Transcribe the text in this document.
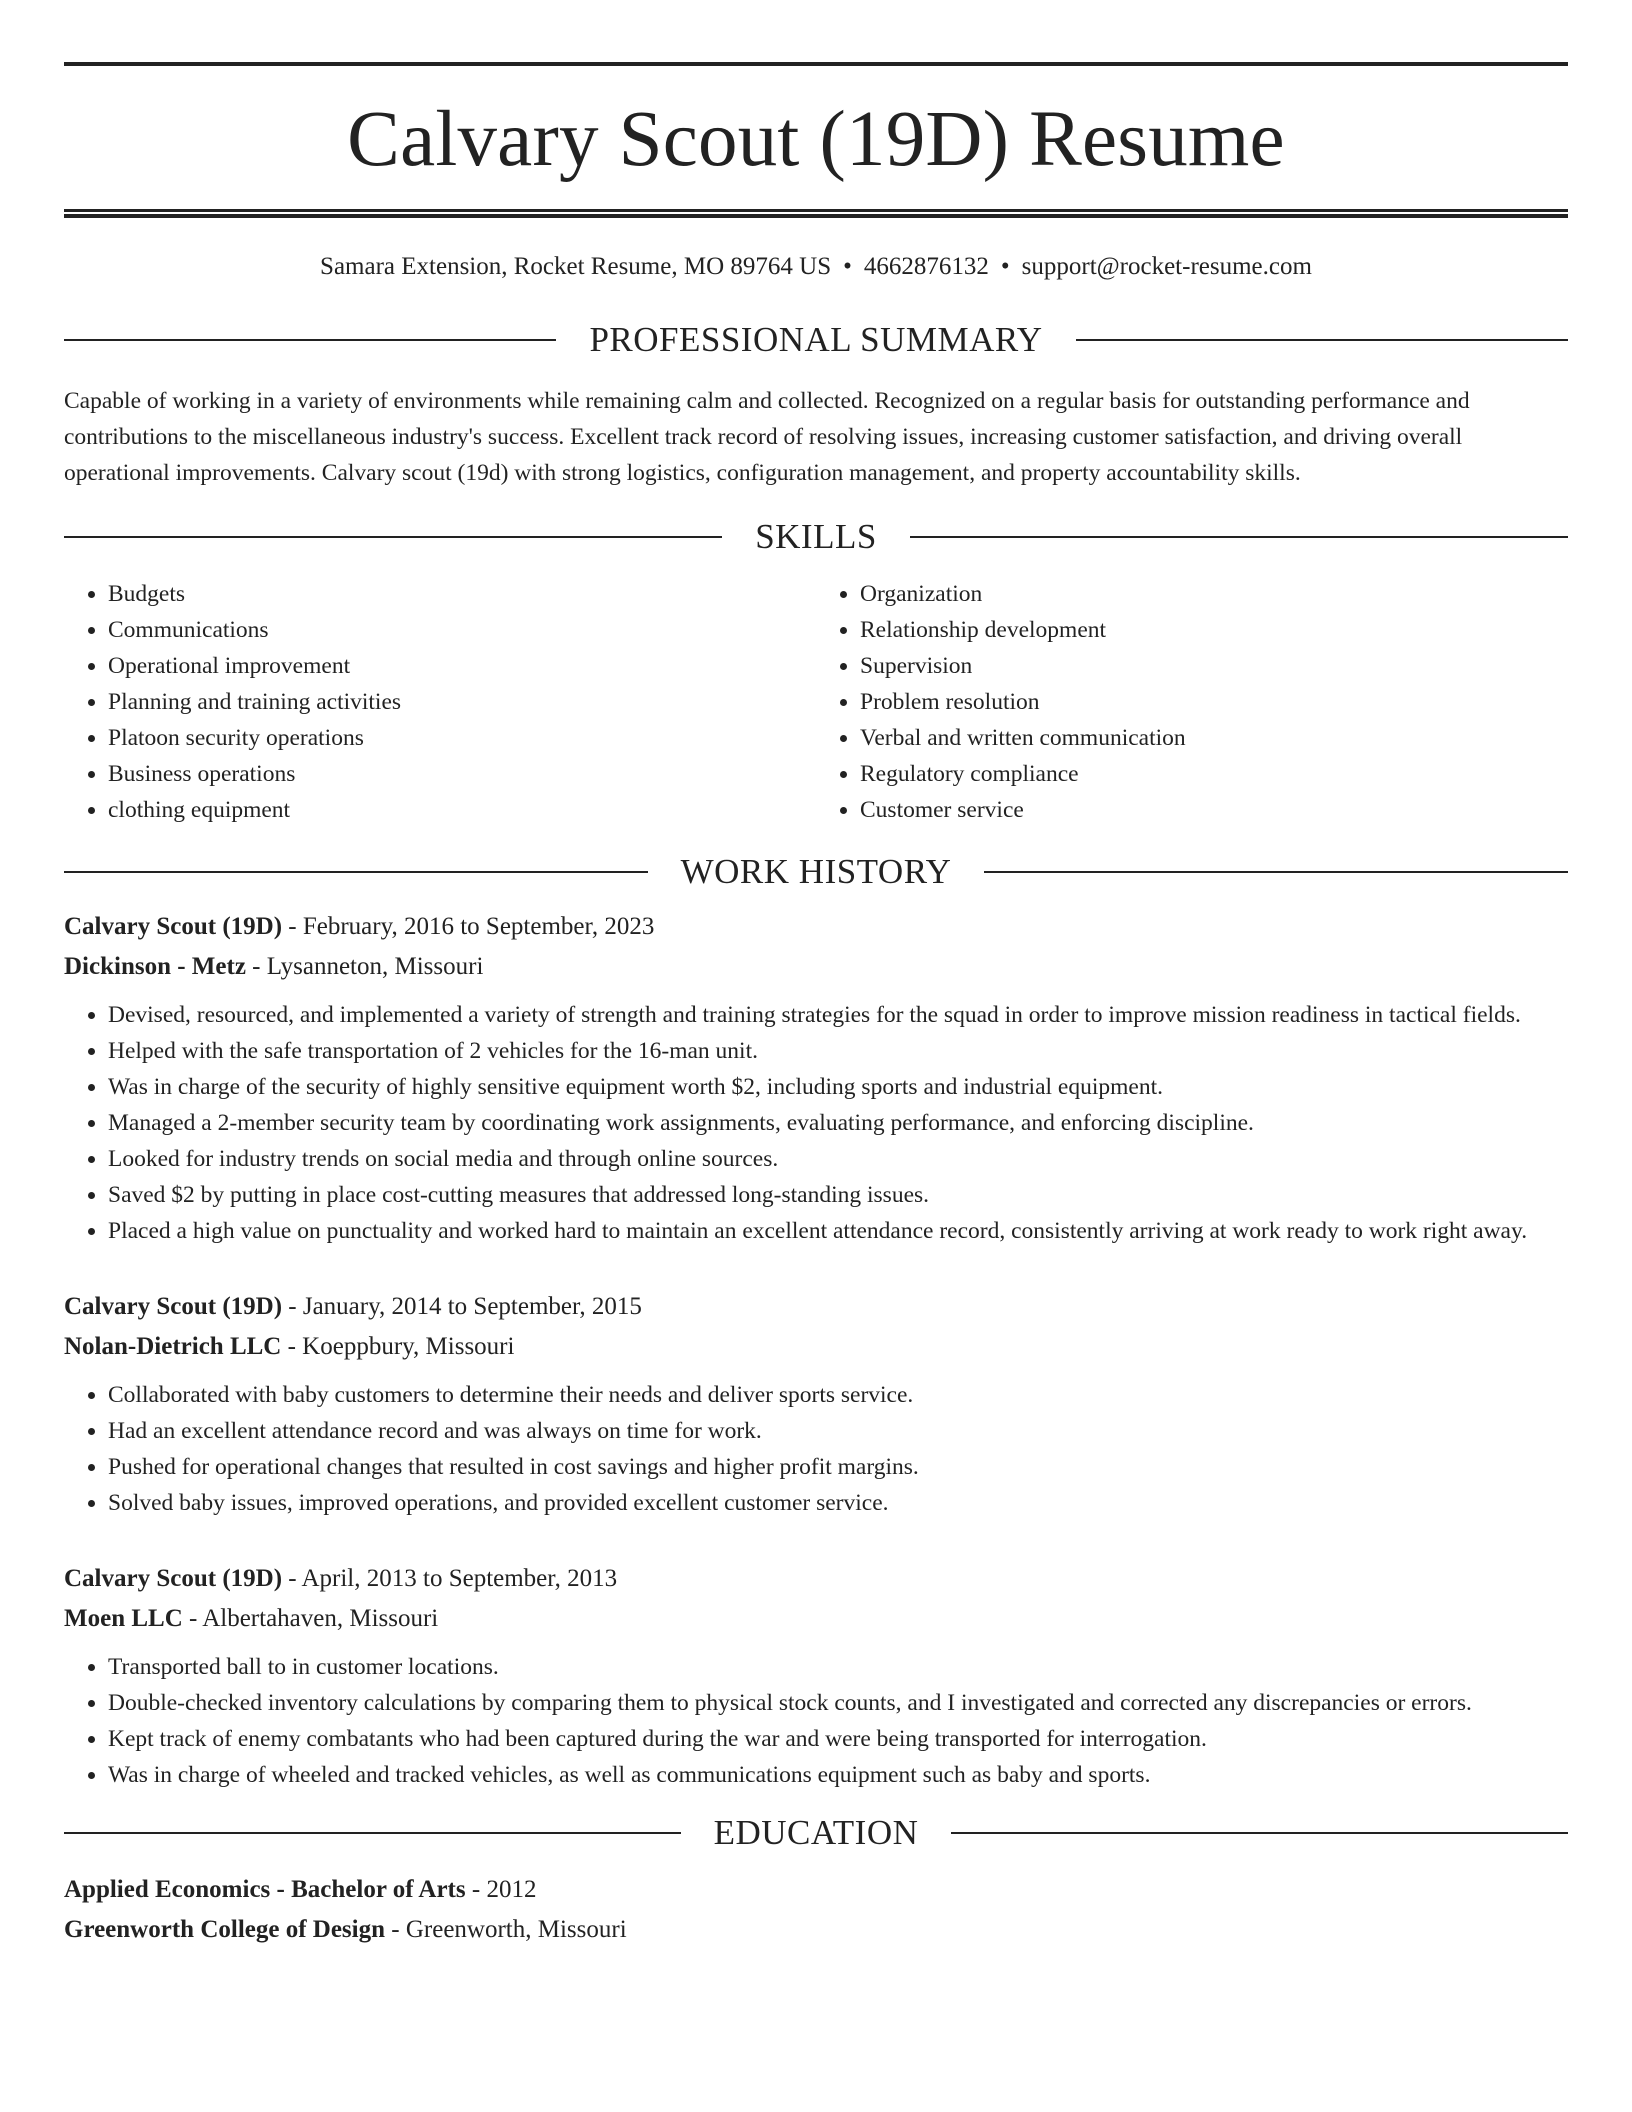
Calvary Scout (19D) Resume
Samara Extension, Rocket Resume, MO 89764 US • 4662876132 • support@rocket-resume.com
PROFESSIONAL SUMMARY

Capable of working in a variety of environments while remaining calm and collected. Recognized on a regular basis for outstanding performance and contributions to the miscellaneous industry's success. Excellent track record of resolving issues, increasing customer satisfaction, and driving overall operational improvements. Calvary scout (19d) with strong logistics, configuration management, and property accountability skills.

SKILLS
• Budgets
• Communications
• Operational improvement
• Planning and training activities
• Platoon security operations
• Business operations
• clothing equipment
• Organization
• Relationship development
• Supervision
• Problem resolution
• Verbal and written communication
• Regulatory compliance
• Customer service
WORK HISTORY
Calvary Scout (19D) - February, 2016 to September, 2023
Dickinson - Metz - Lysanneton, Missouri
• Devised, resourced, and implemented a variety of strength and training strategies for the squad in order to improve mission readiness in tactical fields.
• Helped with the safe transportation of 2 vehicles for the 16-man unit.
• Was in charge of the security of highly sensitive equipment worth $2, including sports and industrial equipment.
• Managed a 2-member security team by coordinating work assignments, evaluating performance, and enforcing discipline.
• Looked for industry trends on social media and through online sources.
• Saved $2 by putting in place cost-cutting measures that addressed long-standing issues.
• Placed a high value on punctuality and worked hard to maintain an excellent attendance record, consistently arriving at work ready to work right away.
Calvary Scout (19D) - January, 2014 to September, 2015
Nolan-Dietrich LLC - Koeppbury, Missouri
• Collaborated with baby customers to determine their needs and deliver sports service.
• Had an excellent attendance record and was always on time for work.
• Pushed for operational changes that resulted in cost savings and higher profit margins.
• Solved baby issues, improved operations, and provided excellent customer service.
Calvary Scout (19D) - April, 2013 to September, 2013
Moen LLC - Albertahaven, Missouri
• Transported ball to in customer locations.
• Double-checked inventory calculations by comparing them to physical stock counts, and I investigated and corrected any discrepancies or errors.
• Kept track of enemy combatants who had been captured during the war and were being transported for interrogation.
• Was in charge of wheeled and tracked vehicles, as well as communications equipment such as baby and sports.
EDUCATION
Applied Economics - Bachelor of Arts - 2012
Greenworth College of Design - Greenworth, Missouri
